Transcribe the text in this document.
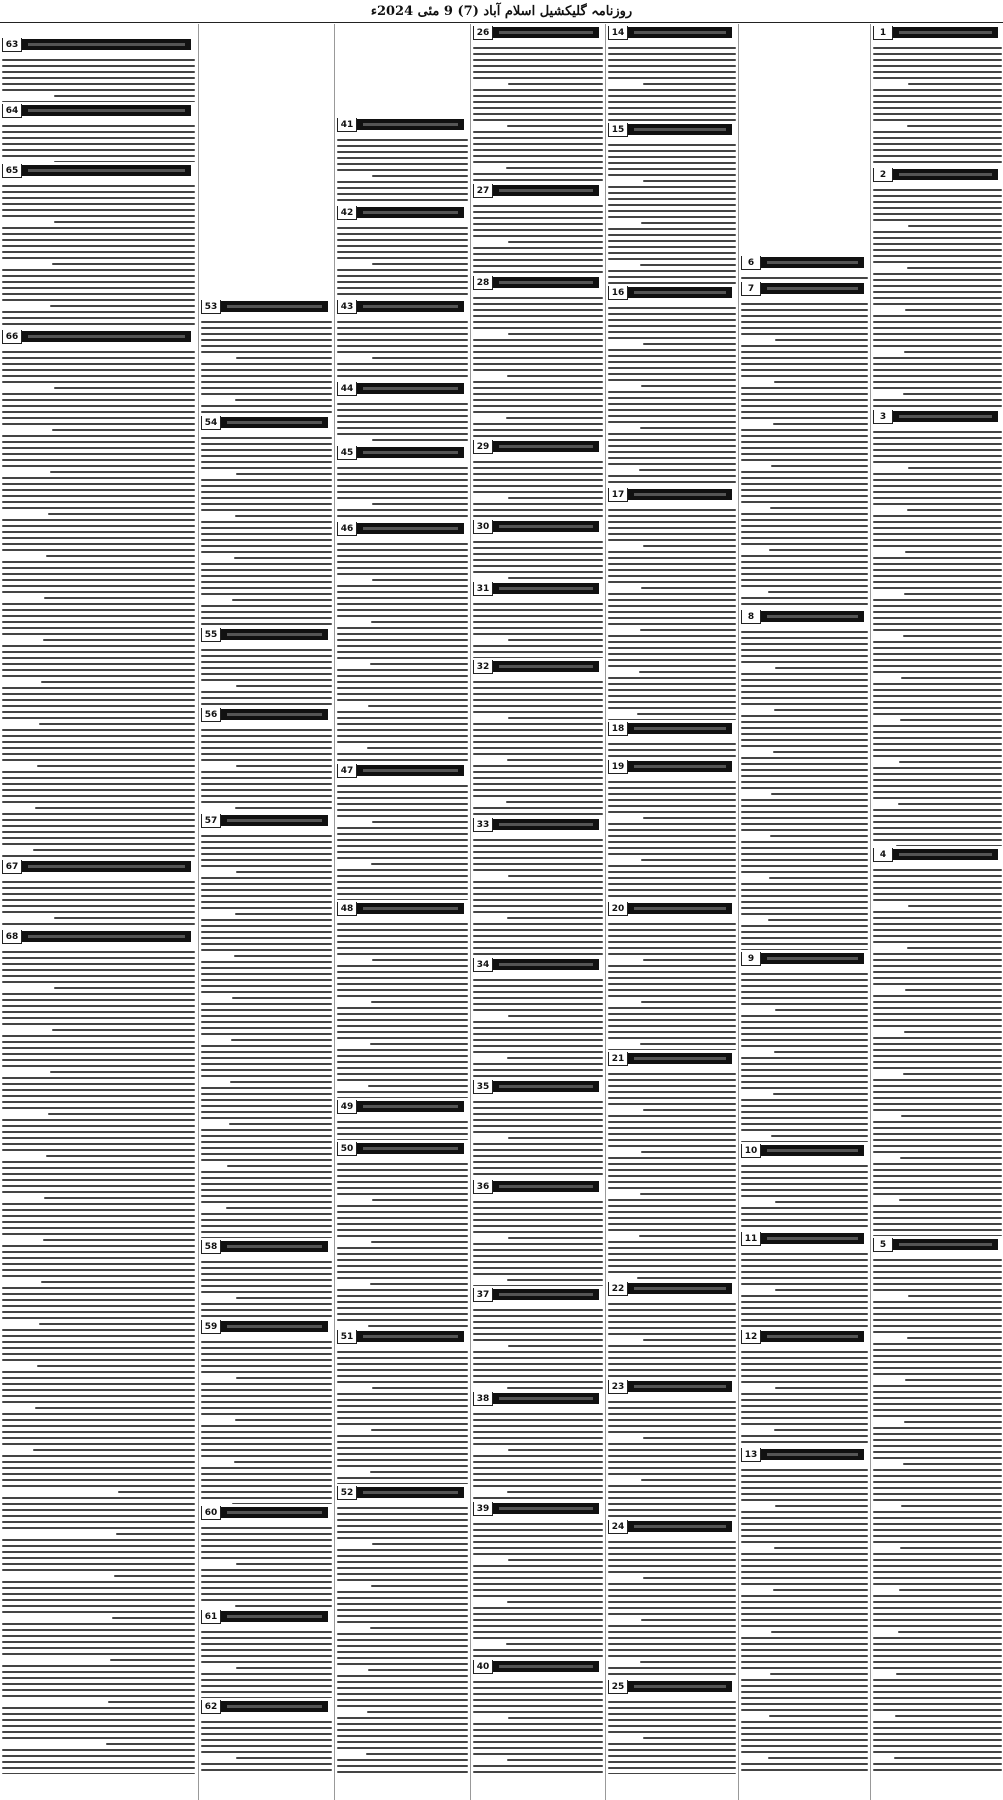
روزنامہ گلیکشیل اسلام آباد (7) 9 مئی 2024ء
1
2
3
4
5
6
7
8
9
10
11
12
13
14
15
16
17
18
19
20
21
22
23
24
25
26
27
28
29
30
31
32
33
34
35
36
37
38
39
40
41
42
43
44
45
46
47
48
49
50
51
52
53
54
55
56
57
58
59
60
61
62
63
64
65
66
67
68
